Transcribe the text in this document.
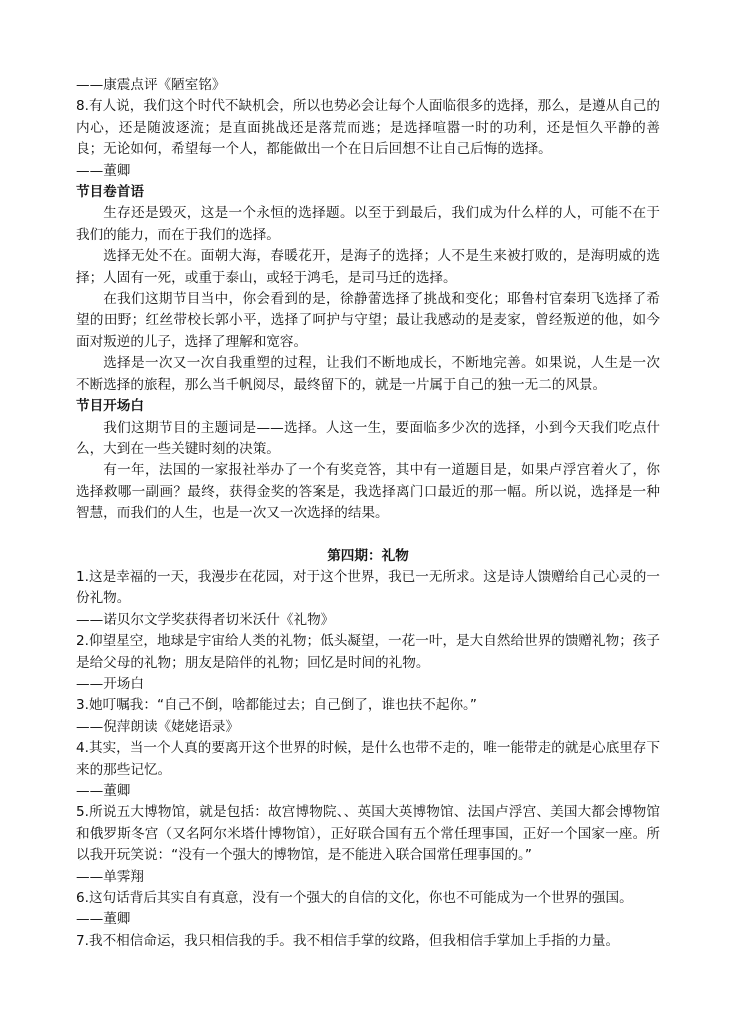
——康震点评《陋室铭》

8.有人说，我们这个时代不缺机会，所以也势必会让每个人面临很多的选择，那么，是遵从自己的内心，还是随波逐流；是直面挑战还是落荒而逃；是选择喧嚣一时的功利，还是恒久平静的善良；无论如何，希望每一个人，都能做出一个在日后回想不让自己后悔的选择。

——董卿

节目卷首语

生存还是毁灭，这是一个永恒的选择题。以至于到最后，我们成为什么样的人，可能不在于我们的能力，而在于我们的选择。

选择无处不在。面朝大海，春暖花开，是海子的选择；人不是生来被打败的，是海明威的选择；人固有一死，或重于泰山，或轻于鸿毛，是司马迁的选择。

在我们这期节目当中，你会看到的是，徐静蕾选择了挑战和变化；耶鲁村官秦玥飞选择了希望的田野；红丝带校长郭小平，选择了呵护与守望；最让我感动的是麦家，曾经叛逆的他，如今面对叛逆的儿子，选择了理解和宽容。

选择是一次又一次自我重塑的过程，让我们不断地成长，不断地完善。如果说，人生是一次不断选择的旅程，那么当千帆阅尽，最终留下的，就是一片属于自己的独一无二的风景。

节目开场白

我们这期节目的主题词是——选择。人这一生，要面临多少次的选择，小到今天我们吃点什么，大到在一些关键时刻的决策。

有一年，法国的一家报社举办了一个有奖竞答，其中有一道题目是，如果卢浮宫着火了，你选择救哪一副画？最终，获得金奖的答案是，我选择离门口最近的那一幅。所以说，选择是一种智慧，而我们的人生，也是一次又一次选择的结果。

第四期：礼物

1.这是幸福的一天，我漫步在花园，对于这个世界，我已一无所求。这是诗人馈赠给自己心灵的一份礼物。

——诺贝尔文学奖获得者切米沃什《礼物》

2.仰望星空，地球是宇宙给人类的礼物；低头凝望，一花一叶，是大自然给世界的馈赠礼物；孩子是给父母的礼物；朋友是陪伴的礼物；回忆是时间的礼物。

——开场白

3.她叮嘱我：“自己不倒，啥都能过去；自己倒了，谁也扶不起你。”

——倪萍朗读《姥姥语录》

4.其实，当一个人真的要离开这个世界的时候，是什么也带不走的，唯一能带走的就是心底里存下来的那些记忆。

——董卿

5.所说五大博物馆，就是包括：故宫博物院、、英国大英博物馆、法国卢浮宫、美国大都会博物馆和俄罗斯冬宫（又名阿尔米塔什博物馆），正好联合国有五个常任理事国，正好一个国家一座。所以我开玩笑说：“没有一个强大的博物馆，是不能进入联合国常任理事国的。”

——单霁翔

6.这句话背后其实自有真意，没有一个强大的自信的文化，你也不可能成为一个世界的强国。

——董卿

7.我不相信命运，我只相信我的手。我不相信手掌的纹路，但我相信手掌加上手指的力量。
